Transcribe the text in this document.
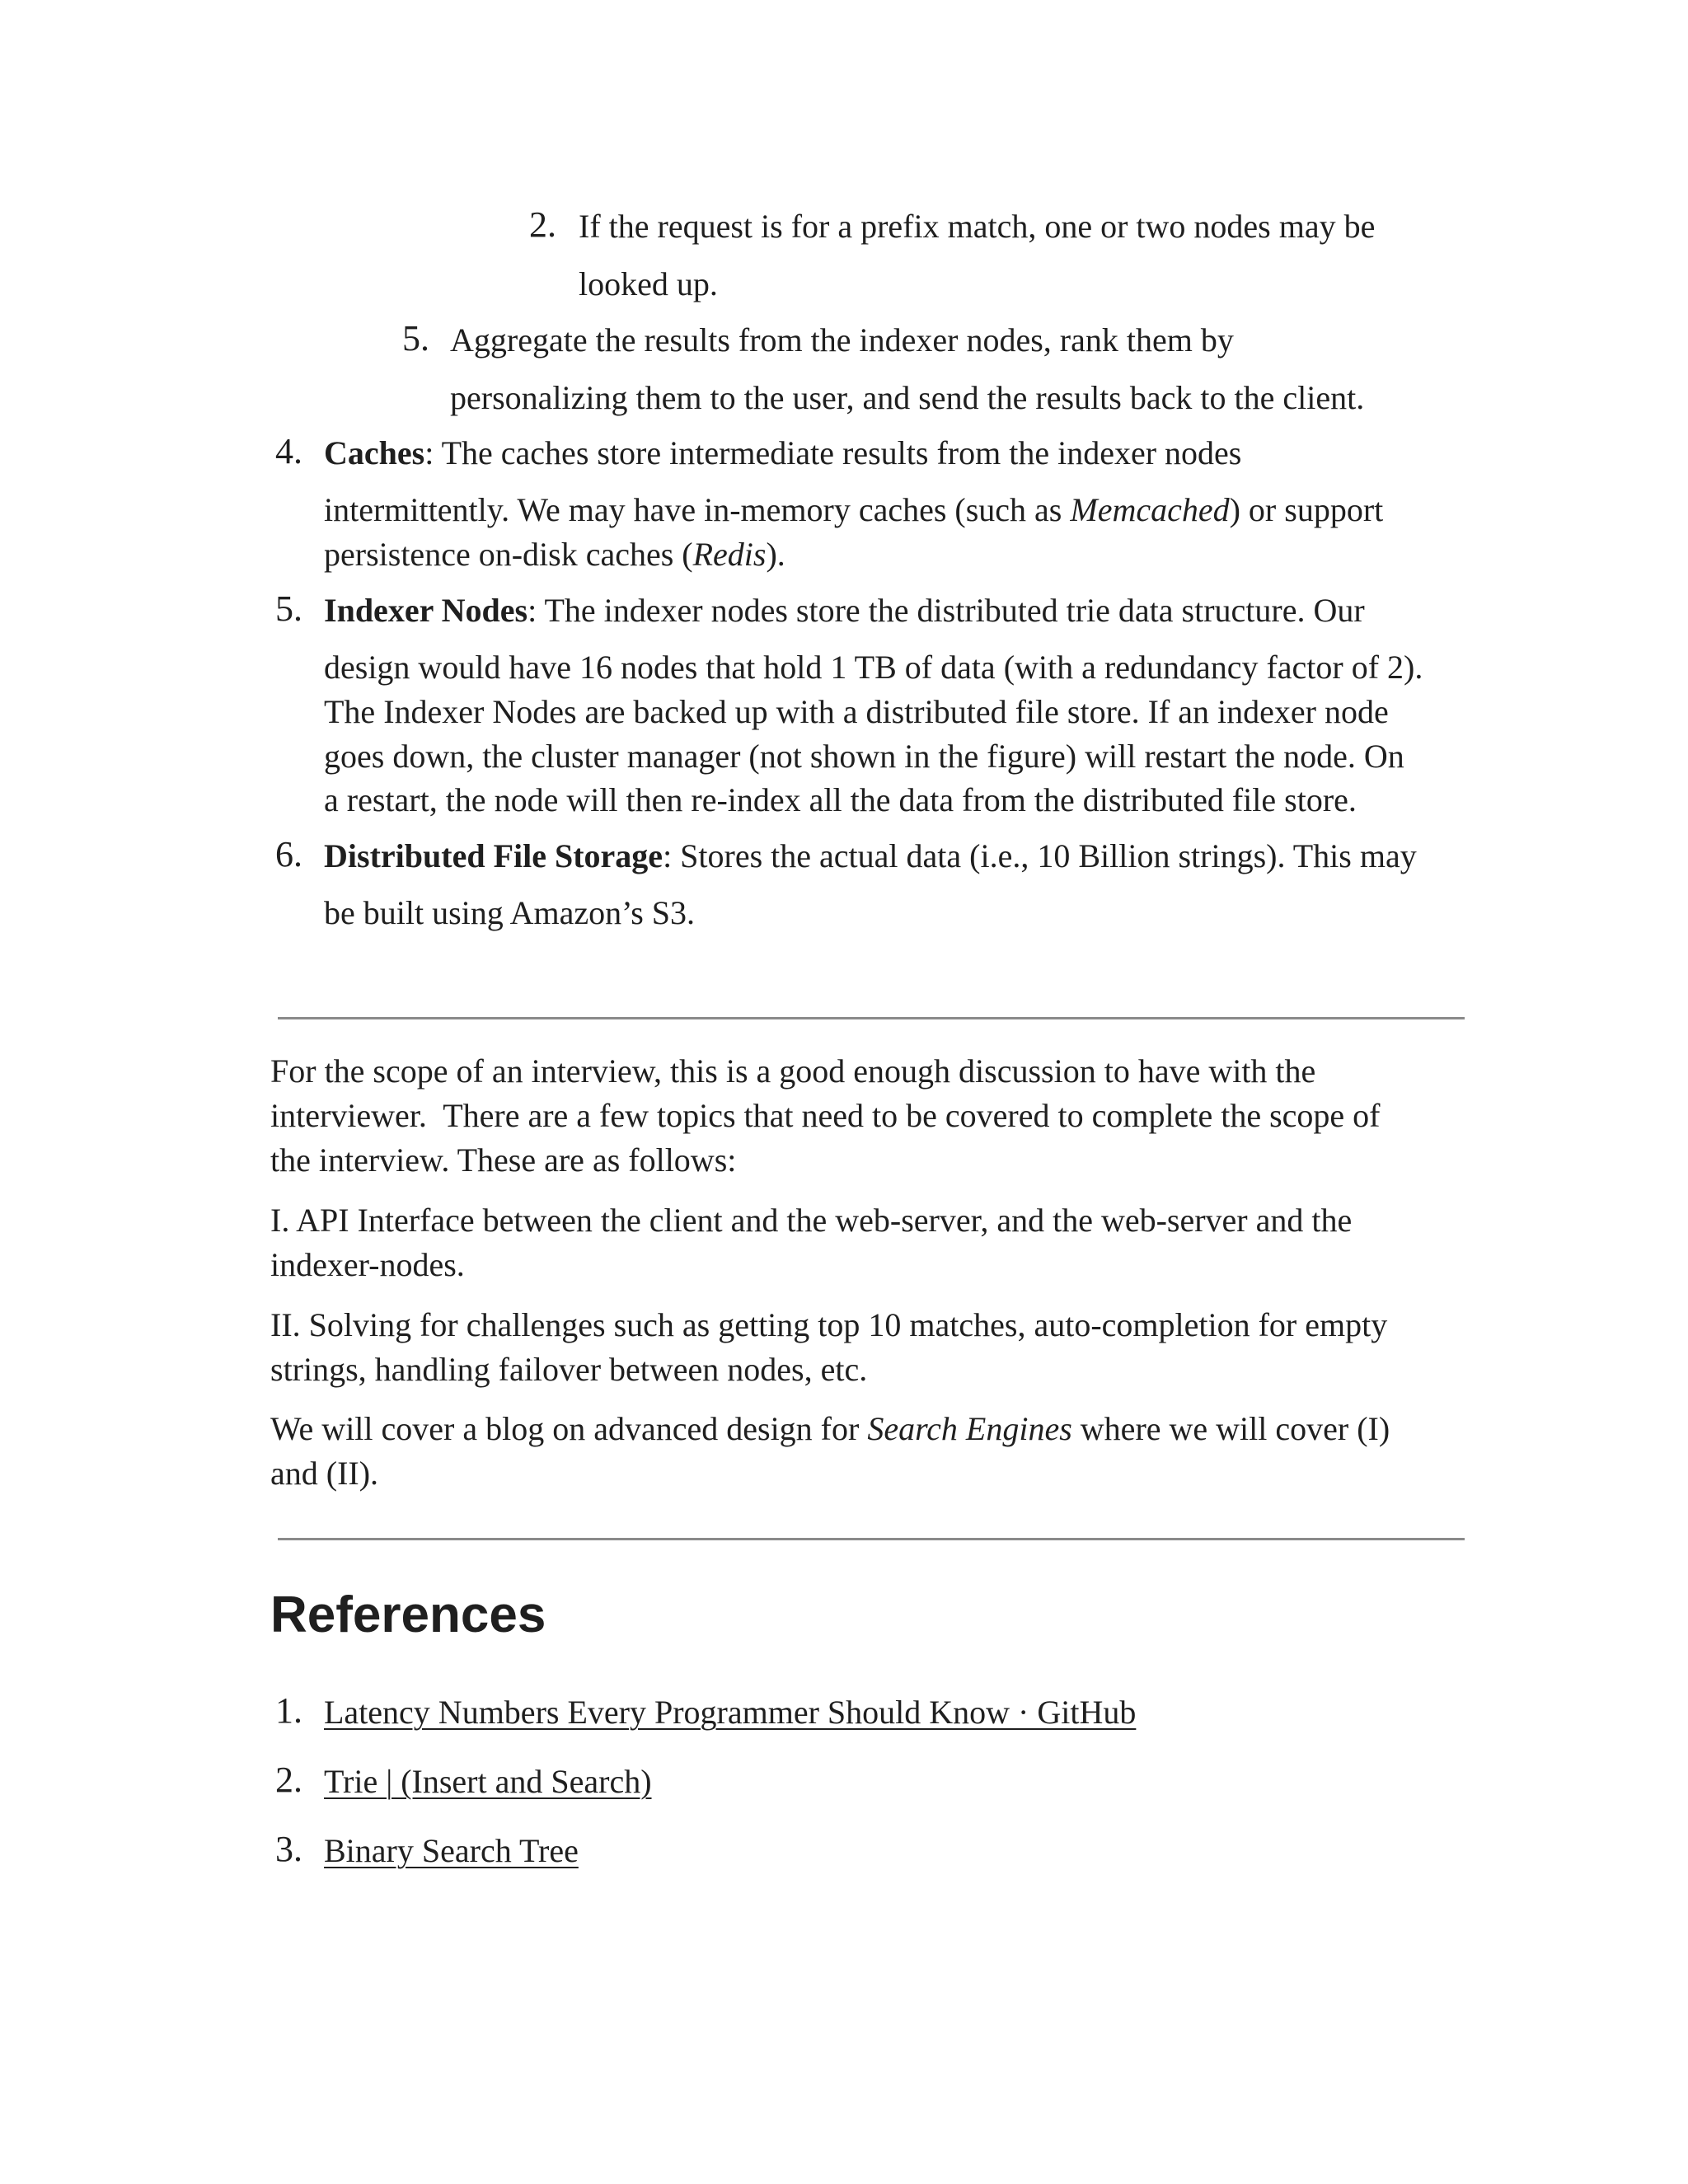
2. If the request is for a prefix match, one or two nodes may be
looked up.
5. Aggregate the results from the indexer nodes, rank them by
personalizing them to the user, and send the results back to the client.
4. Caches: The caches store intermediate results from the indexer nodes
intermittently. We may have in-memory caches (such as Memcached) or support
persistence on-disk caches (Redis).
5. Indexer Nodes: The indexer nodes store the distributed trie data structure. Our
design would have 16 nodes that hold 1 TB of data (with a redundancy factor of 2).
The Indexer Nodes are backed up with a distributed file store. If an indexer node
goes down, the cluster manager (not shown in the figure) will restart the node. On
a restart, the node will then re-index all the data from the distributed file store.
6. Distributed File Storage: Stores the actual data (i.e., 10 Billion strings). This may
be built using Amazon’s S3.
For the scope of an interview, this is a good enough discussion to have with the
interviewer.  There are a few topics that need to be covered to complete the scope of
the interview. These are as follows:
I. API Interface between the client and the web-server, and the web-server and the
indexer-nodes.
II. Solving for challenges such as getting top 10 matches, auto-completion for empty
strings, handling failover between nodes, etc.
We will cover a blog on advanced design for Search Engines where we will cover (I)
and (II).
References
1. Latency Numbers Every Programmer Should Know · GitHub
2. Trie | (Insert and Search)
3. Binary Search Tree
